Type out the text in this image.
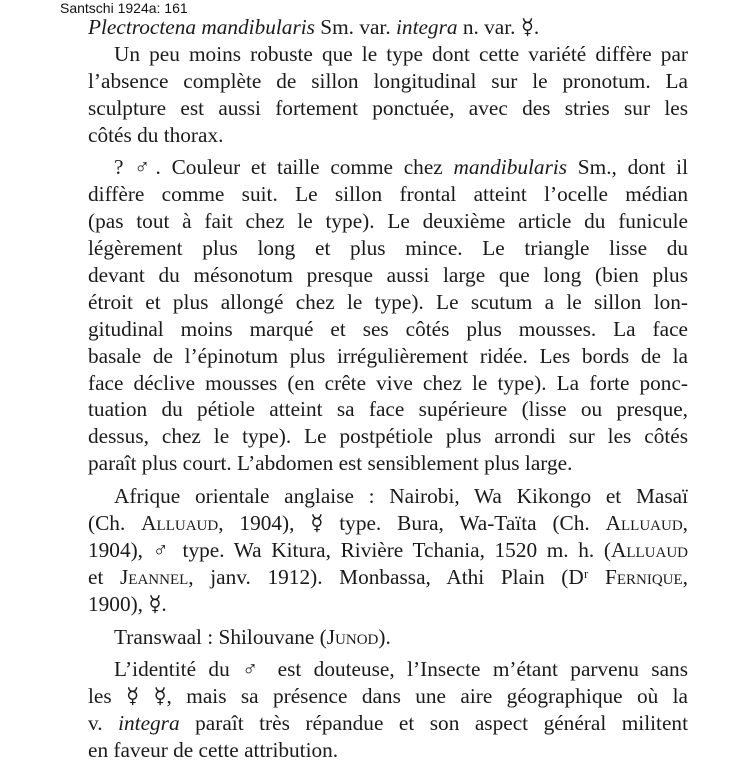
Santschi 1924a: 161
Plectroctena mandibularis Sm. var. integra n. var. ☿.
Un peu moins robuste que le type dont cette variété diffère par
l’absence complète de sillon longitudinal sur le pronotum. La
sculpture est aussi fortement ponctuée, avec des stries sur les
côtés du thorax.
? ♂. Couleur et taille comme chez mandibularis Sm., dont il
diffère comme suit. Le sillon frontal atteint l’ocelle médian
(pas tout à fait chez le type). Le deuxième article du funicule
légèrement plus long et plus mince. Le triangle lisse du
devant du mésonotum presque aussi large que long (bien plus
étroit et plus allongé chez le type). Le scutum a le sillon lon-
gitudinal moins marqué et ses côtés plus mousses. La face
basale de l’épinotum plus irrégulièrement ridée. Les bords de la
face déclive mousses (en crête vive chez le type). La forte ponc-
tuation du pétiole atteint sa face supérieure (lisse ou presque,
dessus, chez le type). Le postpétiole plus arrondi sur les côtés
paraît plus court. L’abdomen est sensiblement plus large.
Afrique orientale anglaise : Nairobi, Wa Kikongo et Masaï
(Ch. Alluaud, 1904), ☿ type. Bura, Wa-Taïta (Ch. Alluaud,
1904), ♂ type. Wa Kitura, Rivière Tchania, 1520 m. h. (Alluaud
et Jeannel, janv. 1912). Monbassa, Athi Plain (Dʳ Fernique,
1900), ☿.
Transwaal : Shilouvane (Junod).
L’identité du ♂ est douteuse, l’Insecte m’étant parvenu sans
les ☿ ☿, mais sa présence dans une aire géographique où la
v. integra paraît très répandue et son aspect général militent
en faveur de cette attribution.
